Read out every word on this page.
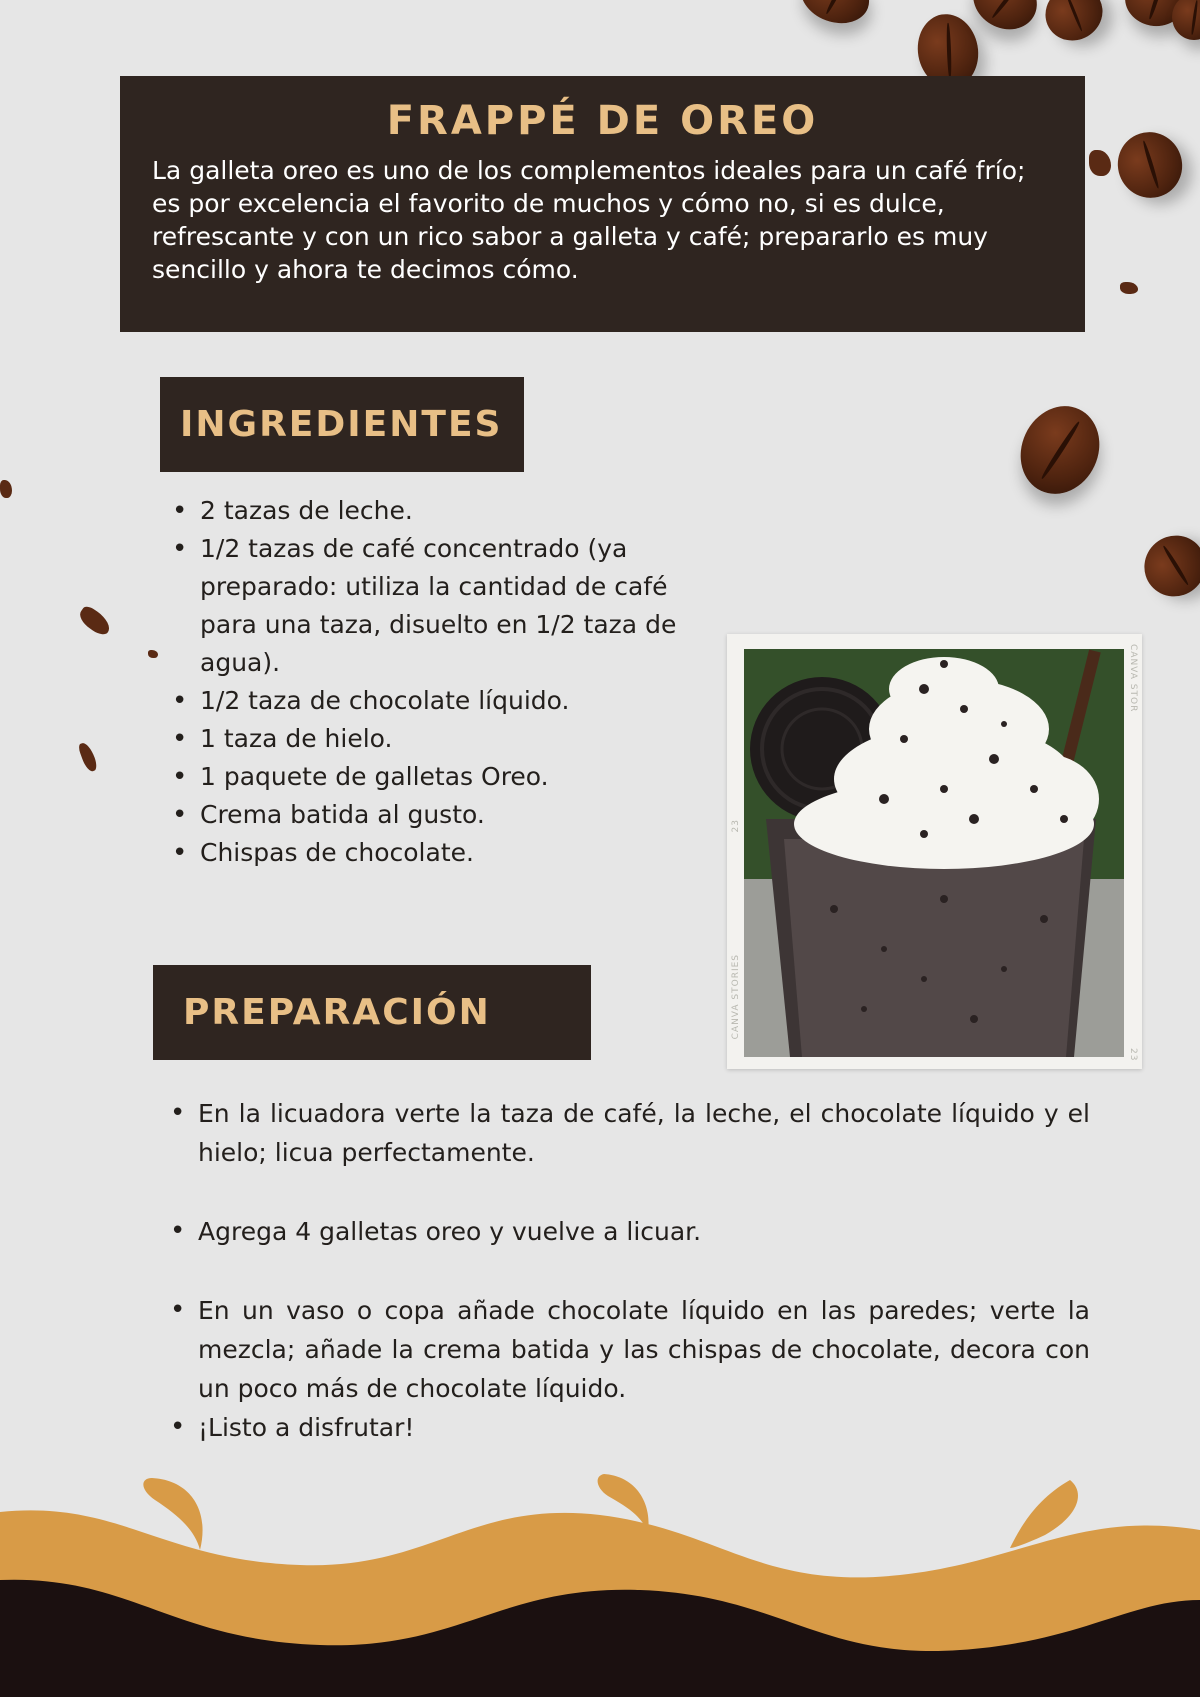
FRAPPÉ DE OREO

La galleta oreo es uno de los complementos ideales para un café frío; es por excelencia el favorito de muchos y cómo no, si es dulce, refrescante y con un rico sabor a galleta y café; prepararlo es muy sencillo y ahora te decimos cómo.

INGREDIENTES
• 2 tazas de leche.
• 1/2 tazas de café concentrado (ya preparado: utiliza la cantidad de café para una taza, disuelto en 1/2 taza de agua).
• 1/2 taza de chocolate líquido.
• 1 taza de hielo.
• 1 paquete de galletas Oreo.
• Crema batida al gusto.
• Chispas de chocolate.
CANVA STOR
CANVA STORIES
23
23
PREPARACIÓN
• En la licuadora verte la taza de café, la leche, el chocolate líquido y el hielo; licua perfectamente.
• Agrega 4 galletas oreo y vuelve a licuar.
• En un vaso o copa añade chocolate líquido en las paredes; verte la mezcla; añade la crema batida y las chispas de chocolate, decora con un poco más de chocolate líquido.
• ¡Listo a disfrutar!
